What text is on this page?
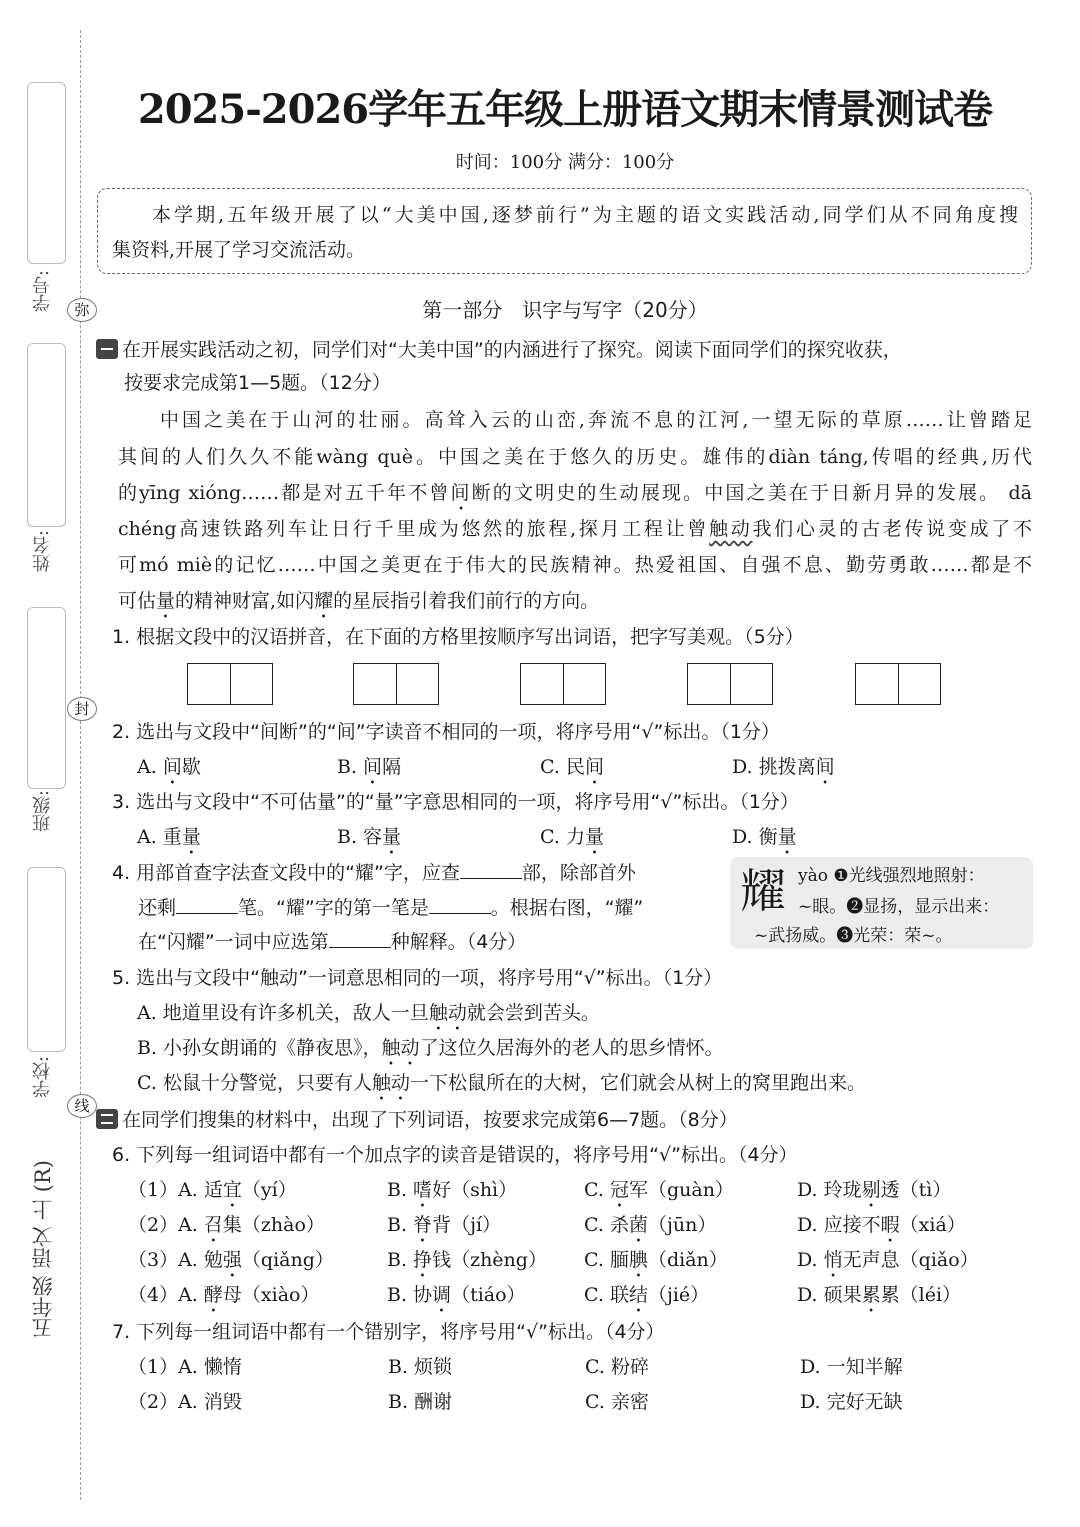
学号:
姓名:
班级:
学校:
弥
封
线
五年级 语文 上 (R)
2025-2026学年五年级上册语文期末情景测试卷
时间：100分 满分：100分
本学期,五年级开展了以“大美中国,逐梦前行”为主题的语文实践活动,同学们从不同角度搜
集资料,开展了学习交流活动。
第一部分　识字与写字（20分）
在开展实践活动之初，同学们对“大美中国”的内涵进行了探究。阅读下面同学们的探究收获，
按要求完成第1—5题。（12分）
中国之美在于山河的壮丽。高耸入云的山峦,奔流不息的江河,一望无际的草原……让曾踏足
其间的人们久久不能wàng què。中国之美在于悠久的历史。雄伟的diàn táng,传唱的经典,历代
的yīng xióng……都是对五千年不曾间断的文明史的生动展现。中国之美在于日新月异的发展。 dā
chéng高速铁路列车让日行千里成为悠然的旅程,探月工程让曾触动我们心灵的古老传说变成了不
可mó miè的记忆……中国之美更在于伟大的民族精神。热爱祖国、自强不息、勤劳勇敢……都是不
可估量的精神财富,如闪耀的星辰指引着我们前行的方向。
1. 根据文段中的汉语拼音，在下面的方格里按顺序写出词语，把字写美观。（5分）
2. 选出与文段中“间断”的“间”字读音不相同的一项，将序号用“√”标出。（1分）
A. 间歇	B. 间隔	C. 民间	D. 挑拨离间
3. 选出与文段中“不可估量”的“量”字意思相同的一项，将序号用“√”标出。（1分）
A. 重量	B. 容量	C. 力量	D. 衡量
4. 用部首查字法查文段中的“耀”字，应查	部，除部首外
还剩	笔。“耀”字的第一笔是	。根据右图，“耀”
在“闪耀”一词中应选第	种解释。（4分）
耀 yào ❶光线强烈地照射：
~眼。❷显扬，显示出来：
~武扬威。❸光荣：荣~。
5. 选出与文段中“触动”一词意思相同的一项，将序号用“√”标出。（1分）
A. 地道里设有许多机关，敌人一旦触动就会尝到苦头。
B. 小孙女朗诵的《静夜思》，触动了这位久居海外的老人的思乡情怀。
C. 松鼠十分警觉，只要有人触动一下松鼠所在的大树，它们就会从树上的窝里跑出来。
在同学们搜集的材料中，出现了下列词语，按要求完成第6—7题。（8分）
6. 下列每一组词语中都有一个加点字的读音是错误的，将序号用“√”标出。（4分）
（1）A. 适宜（yí）	B. 嗜好（shì）	C. 冠军（guàn）	D. 玲珑剔透（tì）
（2）A. 召集（zhào）	B. 脊背（jí）	C. 杀菌（jūn）	D. 应接不暇（xiá）
（3）A. 勉强（qiǎng）	B. 挣钱（zhèng） C. 腼腆（diǎn）	D. 悄无声息（qiǎo）
（4）A. 酵母（xiào）	B. 协调（tiáo）	C. 联结（jié）	D. 硕果累累（léi）
7. 下列每一组词语中都有一个错别字，将序号用“√”标出。（4分）
（1）A. 懒惰	B. 烦锁	C. 粉碎	D. 一知半解
（2）A. 消毁	B. 酬谢	C. 亲密	D. 完好无缺
